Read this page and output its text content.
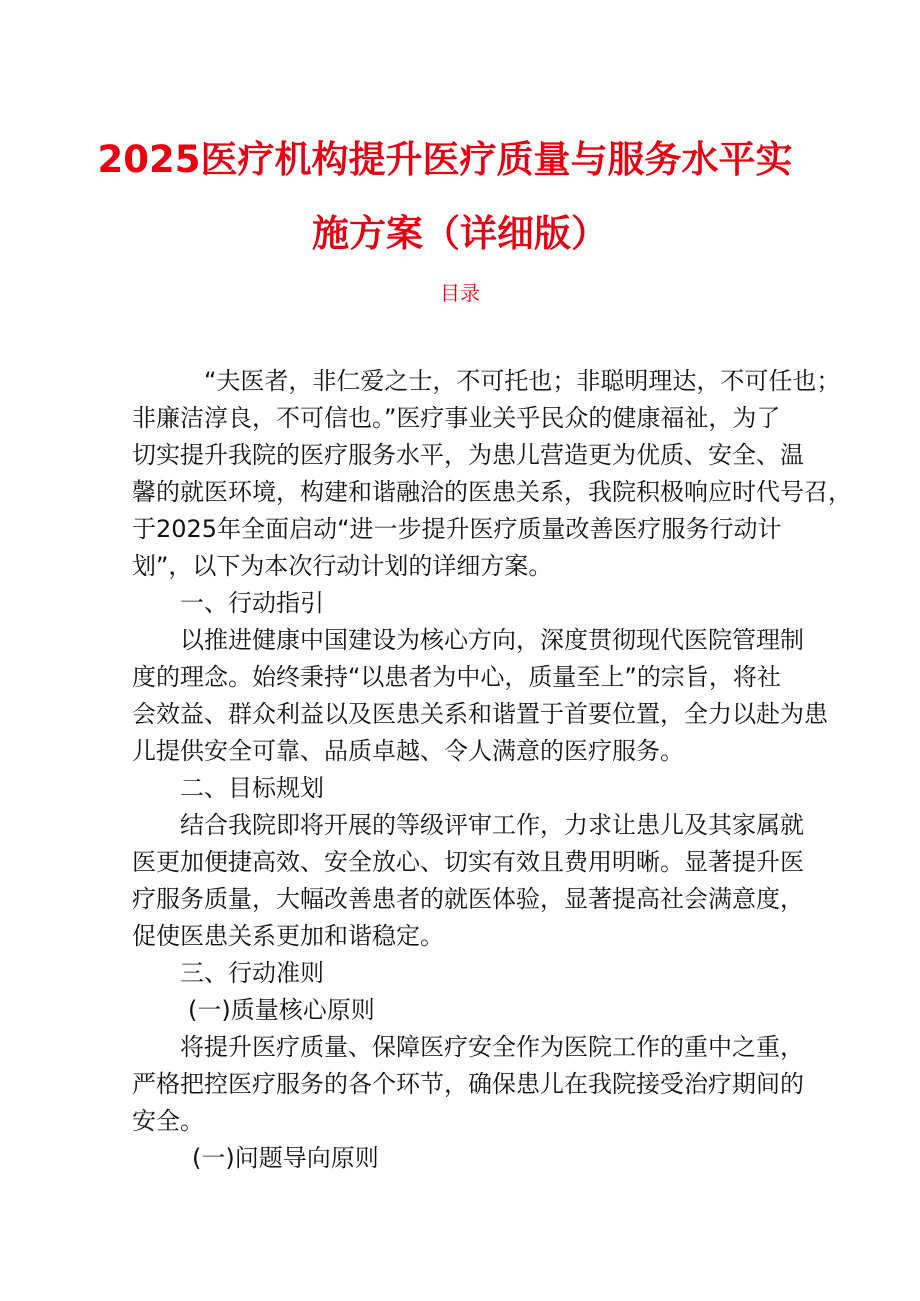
2025医疗机构提升医疗质量与服务水平实
施方案（详细版）
目录
“夫医者，非仁爱之士，不可托也；非聪明理达，不可任也；
非廉洁淳良，不可信也。”医疗事业关乎民众的健康福祉，为了
切实提升我院的医疗服务水平，为患儿营造更为优质、安全、温
馨的就医环境，构建和谐融洽的医患关系，我院积极响应时代号召，
于2025年全面启动“进一步提升医疗质量改善医疗服务行动计
划”，以下为本次行动计划的详细方案。
一、行动指引
以推进健康中国建设为核心方向，深度贯彻现代医院管理制
度的理念。始终秉持“以患者为中心，质量至上”的宗旨，将社
会效益、群众利益以及医患关系和谐置于首要位置，全力以赴为患
儿提供安全可靠、品质卓越、令人满意的医疗服务。
二、目标规划
结合我院即将开展的等级评审工作，力求让患儿及其家属就
医更加便捷高效、安全放心、切实有效且费用明晰。显著提升医
疗服务质量，大幅改善患者的就医体验，显著提高社会满意度，
促使医患关系更加和谐稳定。
三、行动准则
(一)质量核心原则
将提升医疗质量、保障医疗安全作为医院工作的重中之重，
严格把控医疗服务的各个环节，确保患儿在我院接受治疗期间的
安全。
(一)问题导向原则
